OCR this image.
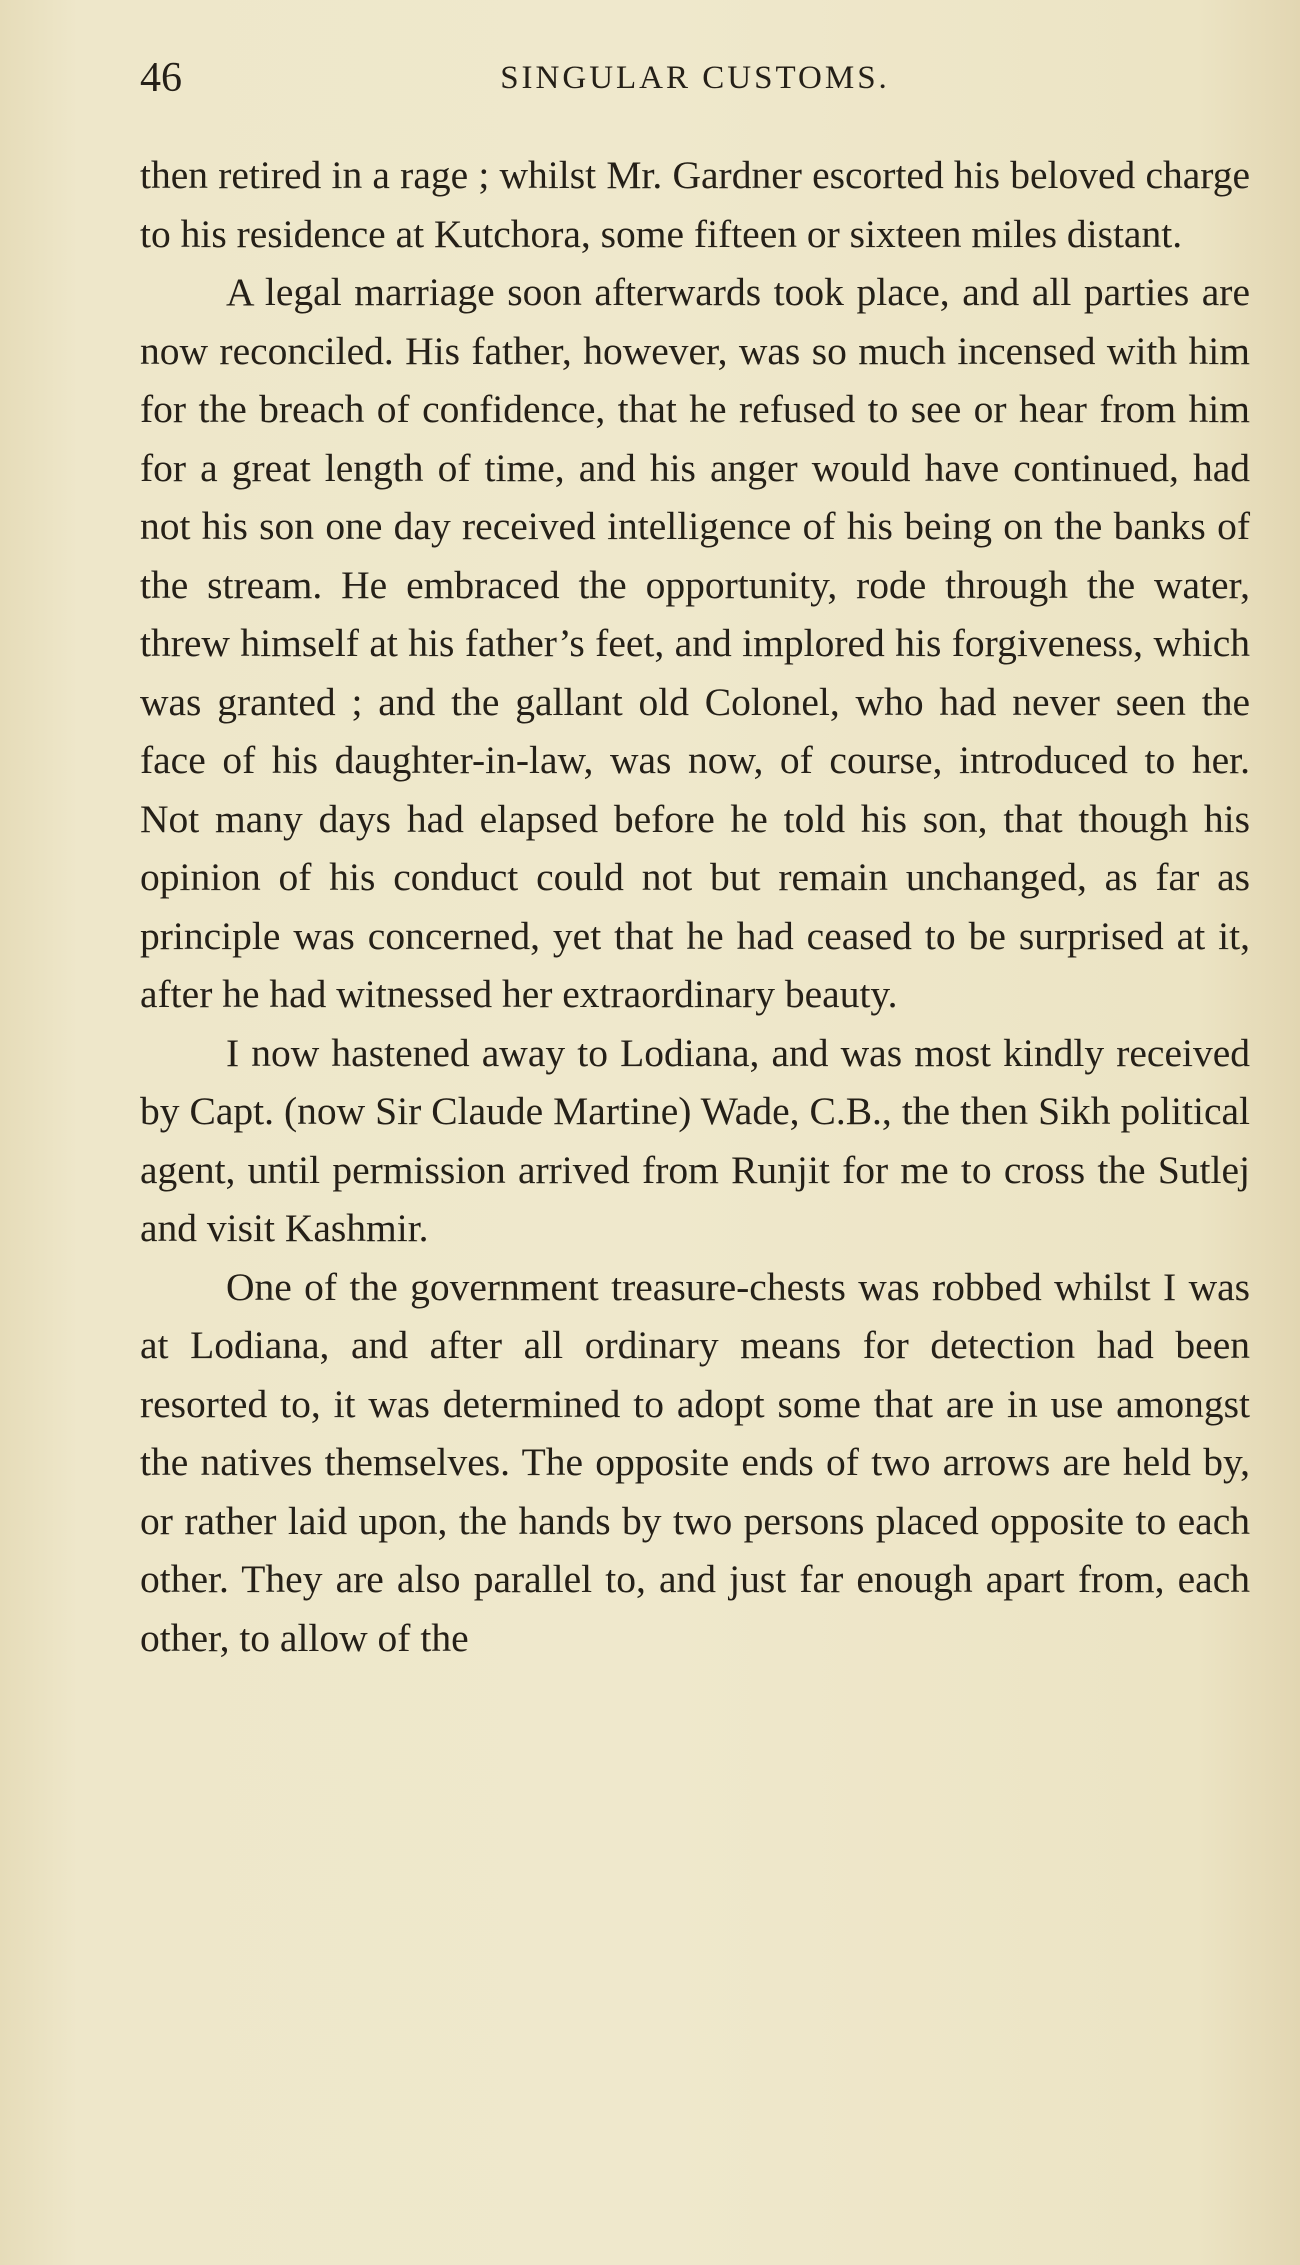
46	SINGULAR CUSTOMS.

then retired in a rage ; whilst Mr. Gardner escorted his beloved charge to his residence at Kutchora, some fifteen or sixteen miles distant.

A legal marriage soon afterwards took place, and all parties are now reconciled. His father, however, was so much incensed with him for the breach of confidence, that he refused to see or hear from him for a great length of time, and his anger would have continued, had not his son one day received intelligence of his being on the banks of the stream. He embraced the opportunity, rode through the water, threw himself at his father’s feet, and implored his forgiveness, which was granted ; and the gallant old Colonel, who had never seen the face of his daughter-in-law, was now, of course, introduced to her. Not many days had elapsed before he told his son, that though his opinion of his conduct could not but remain unchanged, as far as principle was concerned, yet that he had ceased to be surprised at it, after he had witnessed her extraordinary beauty.

I now hastened away to Lodiana, and was most kindly received by Capt. (now Sir Claude Martine) Wade, C.B., the then Sikh political agent, until permission arrived from Runjit for me to cross the Sutlej and visit Kashmir.

One of the government treasure-chests was robbed whilst I was at Lodiana, and after all ordinary means for detection had been resorted to, it was determined to adopt some that are in use amongst the natives themselves. The opposite ends of two arrows are held by, or rather laid upon, the hands by two persons placed opposite to each other. They are also parallel to, and just far enough apart from, each other, to allow of the
